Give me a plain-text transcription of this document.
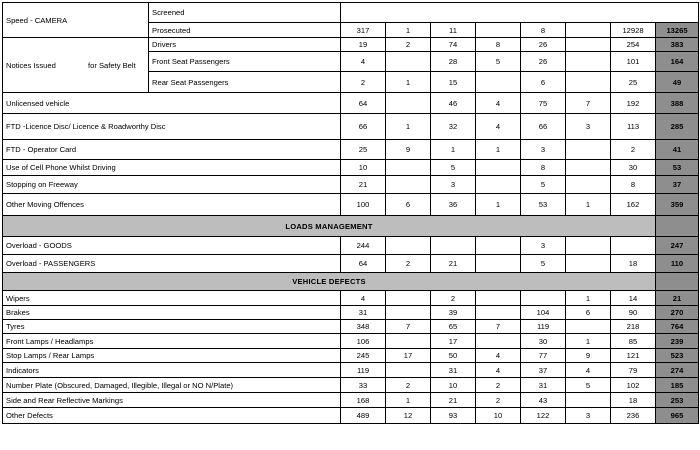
Speed - CAMERA	Screened								
	Prosecuted	317	1	11		8		12928	13265
Notices Issued for Safety Belt	Drivers	19	2	74	8	26		254	383
	Front Seat Passengers	4		28	5	26		101	164
	Rear Seat Passengers	2	1	15		6		25	49
Unlicensed vehicle		64		46	4	75	7	192	388
FTD -Licence Disc/ Licence & Roadworthy Disc		66	1	32	4	66	3	113	285
FTD - Operator Card		25	9	1	1	3		2	41
Use of Cell Phone Whilst Driving		10		5		8		30	53
Stopping on Freeway		21		3		5		8	37
Other Moving Offences		100	6	36	1	53	1	162	359
LOADS MANAGEMENT									
Overload - GOODS		244				3			247
Overload - PASSENGERS		64	2	21		5		18	110
VEHICLE DEFECTS									
Wipers		4		2			1	14	21
Brakes		31		39		104	6	90	270
Tyres		348	7	65	7	119		218	764
Front Lamps / Headlamps		106		17		30	1	85	239
Stop Lamps / Rear Lamps		245	17	50	4	77	9	121	523
Indicators		119		31	4	37	4	79	274
Number Plate (Obscured, Damaged, Illegible, Illegal or NO N/Plate)		33	2	10	2	31	5	102	185
Side and Rear Reflective Markings		168	1	21	2	43		18	253
Other Defects		489	12	93	10	122	3	236	965
